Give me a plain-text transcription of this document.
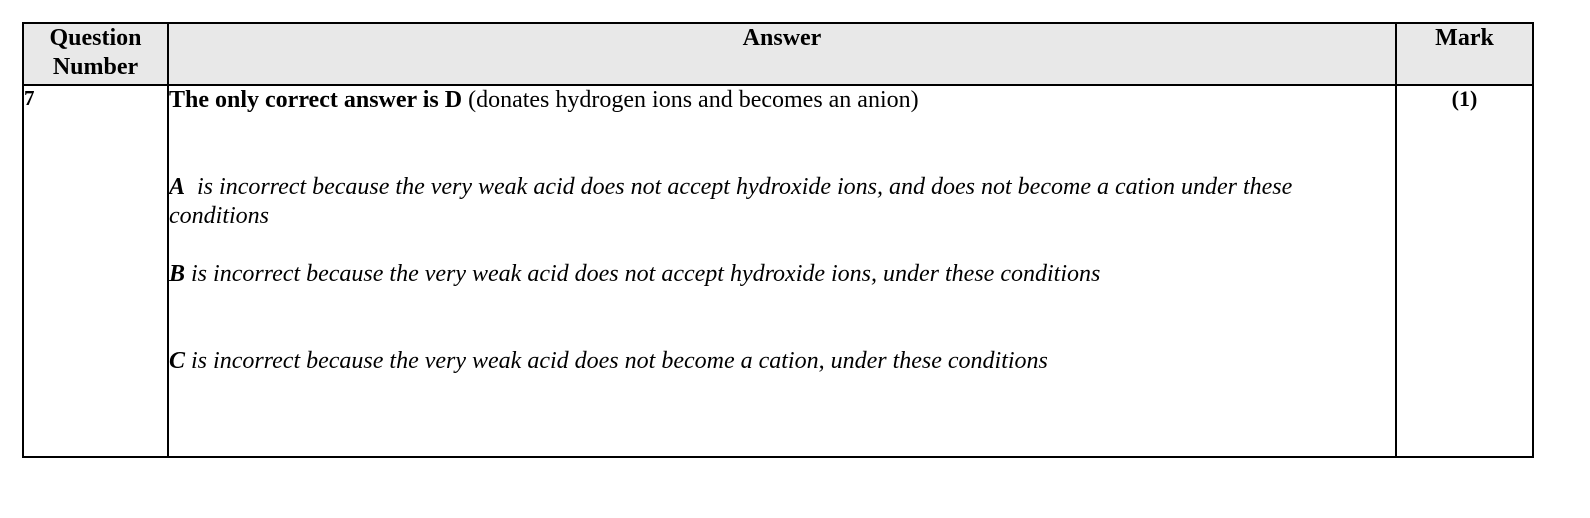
Question
Number	Answer	Mark
7	The only correct answer is D (donates hydrogen ions and becomes an anion)

A  is incorrect because the very weak acid does not accept hydroxide ions, and does not become a cation under these conditions

B is incorrect because the very weak acid does not accept hydroxide ions, under these conditions

C is incorrect because the very weak acid does not become a cation, under these conditions	(1)
